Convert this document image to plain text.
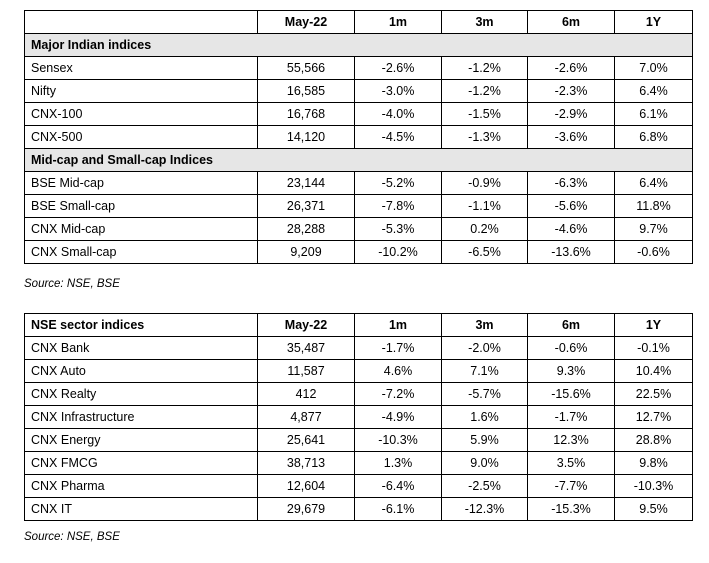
	May-22	1m	3m	6m	1Y
Major Indian indices					
Sensex	55,566	-2.6%	-1.2%	-2.6%	7.0%
Nifty	16,585	-3.0%	-1.2%	-2.3%	6.4%
CNX-100	16,768	-4.0%	-1.5%	-2.9%	6.1%
CNX-500	14,120	-4.5%	-1.3%	-3.6%	6.8%
Mid-cap and Small-cap Indices					
BSE Mid-cap	23,144	-5.2%	-0.9%	-6.3%	6.4%
BSE Small-cap	26,371	-7.8%	-1.1%	-5.6%	11.8%
CNX Mid-cap	28,288	-5.3%	0.2%	-4.6%	9.7%
CNX Small-cap	9,209	-10.2%	-6.5%	-13.6%	-0.6%
Source: NSE, BSE
NSE sector indices	May-22	1m	3m	6m	1Y
CNX Bank	35,487	-1.7%	-2.0%	-0.6%	-0.1%
CNX Auto	11,587	4.6%	7.1%	9.3%	10.4%
CNX Realty	412	-7.2%	-5.7%	-15.6%	22.5%
CNX Infrastructure	4,877	-4.9%	1.6%	-1.7%	12.7%
CNX Energy	25,641	-10.3%	5.9%	12.3%	28.8%
CNX FMCG	38,713	1.3%	9.0%	3.5%	9.8%
CNX Pharma	12,604	-6.4%	-2.5%	-7.7%	-10.3%
CNX IT	29,679	-6.1%	-12.3%	-15.3%	9.5%
Source: NSE, BSE
